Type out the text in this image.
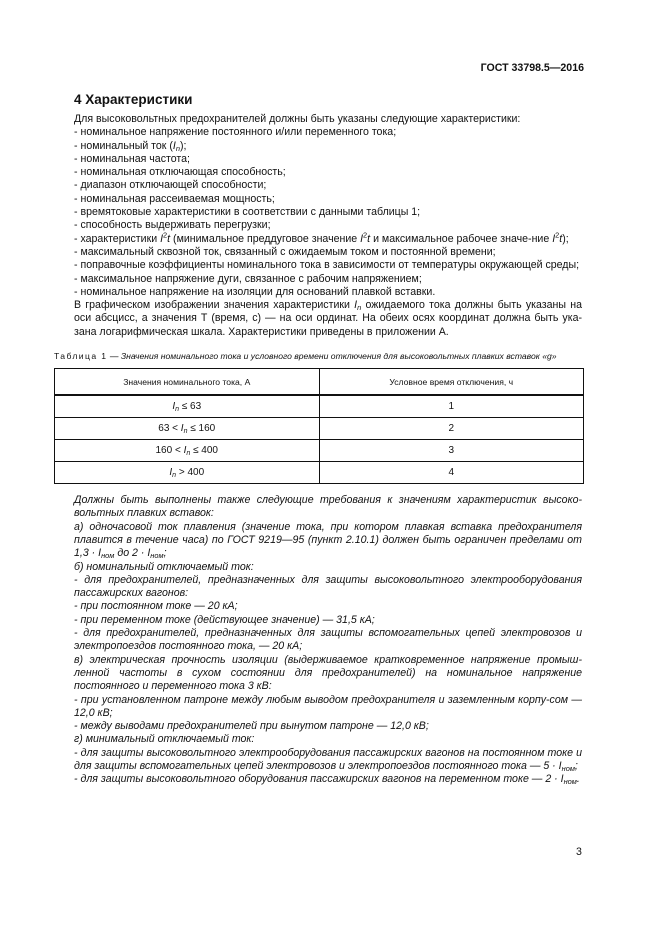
ГОСТ 33798.5—2016
4 Характеристики

Для высоковольтных предохранителей должны быть указаны следующие характеристики:

- номинальное напряжение постоянного и/или переменного тока;

- номинальный ток $(I_n)$;

- номинальная частота;

- номинальная отключающая способность;

- диапазон отключающей способности;

- номинальная рассеиваемая мощность;

- времятоковые характеристики в соответствии с данными таблицы 1;

- способность выдерживать перегрузки;

- характеристики $I^2t$ (минимальное преддуговое значение $I^2t$ и максимальное рабочее значе-ние $I^2t$);

- максимальный сквозной ток, связанный с ожидаемым током и постоянной времени;

- поправочные коэффициенты номинального тока в зависимости от температуры окружающей среды;

- максимальное напряжение дуги, связанное с рабочим напряжением;

- номинальное напряжение на изоляции для оснований плавкой вставки.

В графическом изображении значения характеристики $I_n$ ожидаемого тока должны быть указаны на оси абсцисс, а значения Т (время, с) — на оси ординат. На обеих осях координат должна быть ука-зана логарифмическая шкала. Характеристики приведены в приложении А.

Таблица 1 — Значения номинального тока и условного времени отключения для высоковольтных плавких вставок «g»

Значения номинального тока, А	Условное время отключения, ч
$I_n \le 63$	1
$63 < I_n \le 160$	2
$160 < I_n \le 400$	3
$I_n > 400$	4

Должны быть выполнены также следующие требования к значениям характеристик высоко-вольтных плавких вставок:

а) одночасовой ток плавления (значение тока, при котором плавкая вставка предохранителя плавится в течение часа) по ГОСТ 9219—95 (пункт 2.10.1) должен быть ограничен пределами от $1,3 \cdot I_{ном}$ до $2 \cdot I_{ном}$;

б) номинальный отключаемый ток:

- для предохранителей, предназначенных для защиты высоковольтного электрооборудования пассажирских вагонов:

- при постоянном токе — 20 кА;

- при переменном токе (действующее значение) — 31,5 кА;

- для предохранителей, предназначенных для защиты вспомогательных цепей электровозов и электропоездов постоянного тока, — 20 кА;

в) электрическая прочность изоляции (выдерживаемое кратковременное напряжение промыш-ленной частоты в сухом состоянии для предохранителей) на номинальное напряжение постоянного и переменного тока 3 кВ:

- при установленном патроне между любым выводом предохранителя и заземленным корпу-сом — 12,0 кВ;

- между выводами предохранителей при вынутом патроне — 12,0 кВ;

г) минимальный отключаемый ток:

- для защиты высоковольтного электрооборудования пассажирских вагонов на постоянном токе и для защиты вспомогательных цепей электровозов и электропоездов постоянного тока — $5 \cdot I_{ном}$;

- для защиты высоковольтного оборудования пассажирских вагонов на переменном токе — $2 \cdot I_{ном}$.

3
